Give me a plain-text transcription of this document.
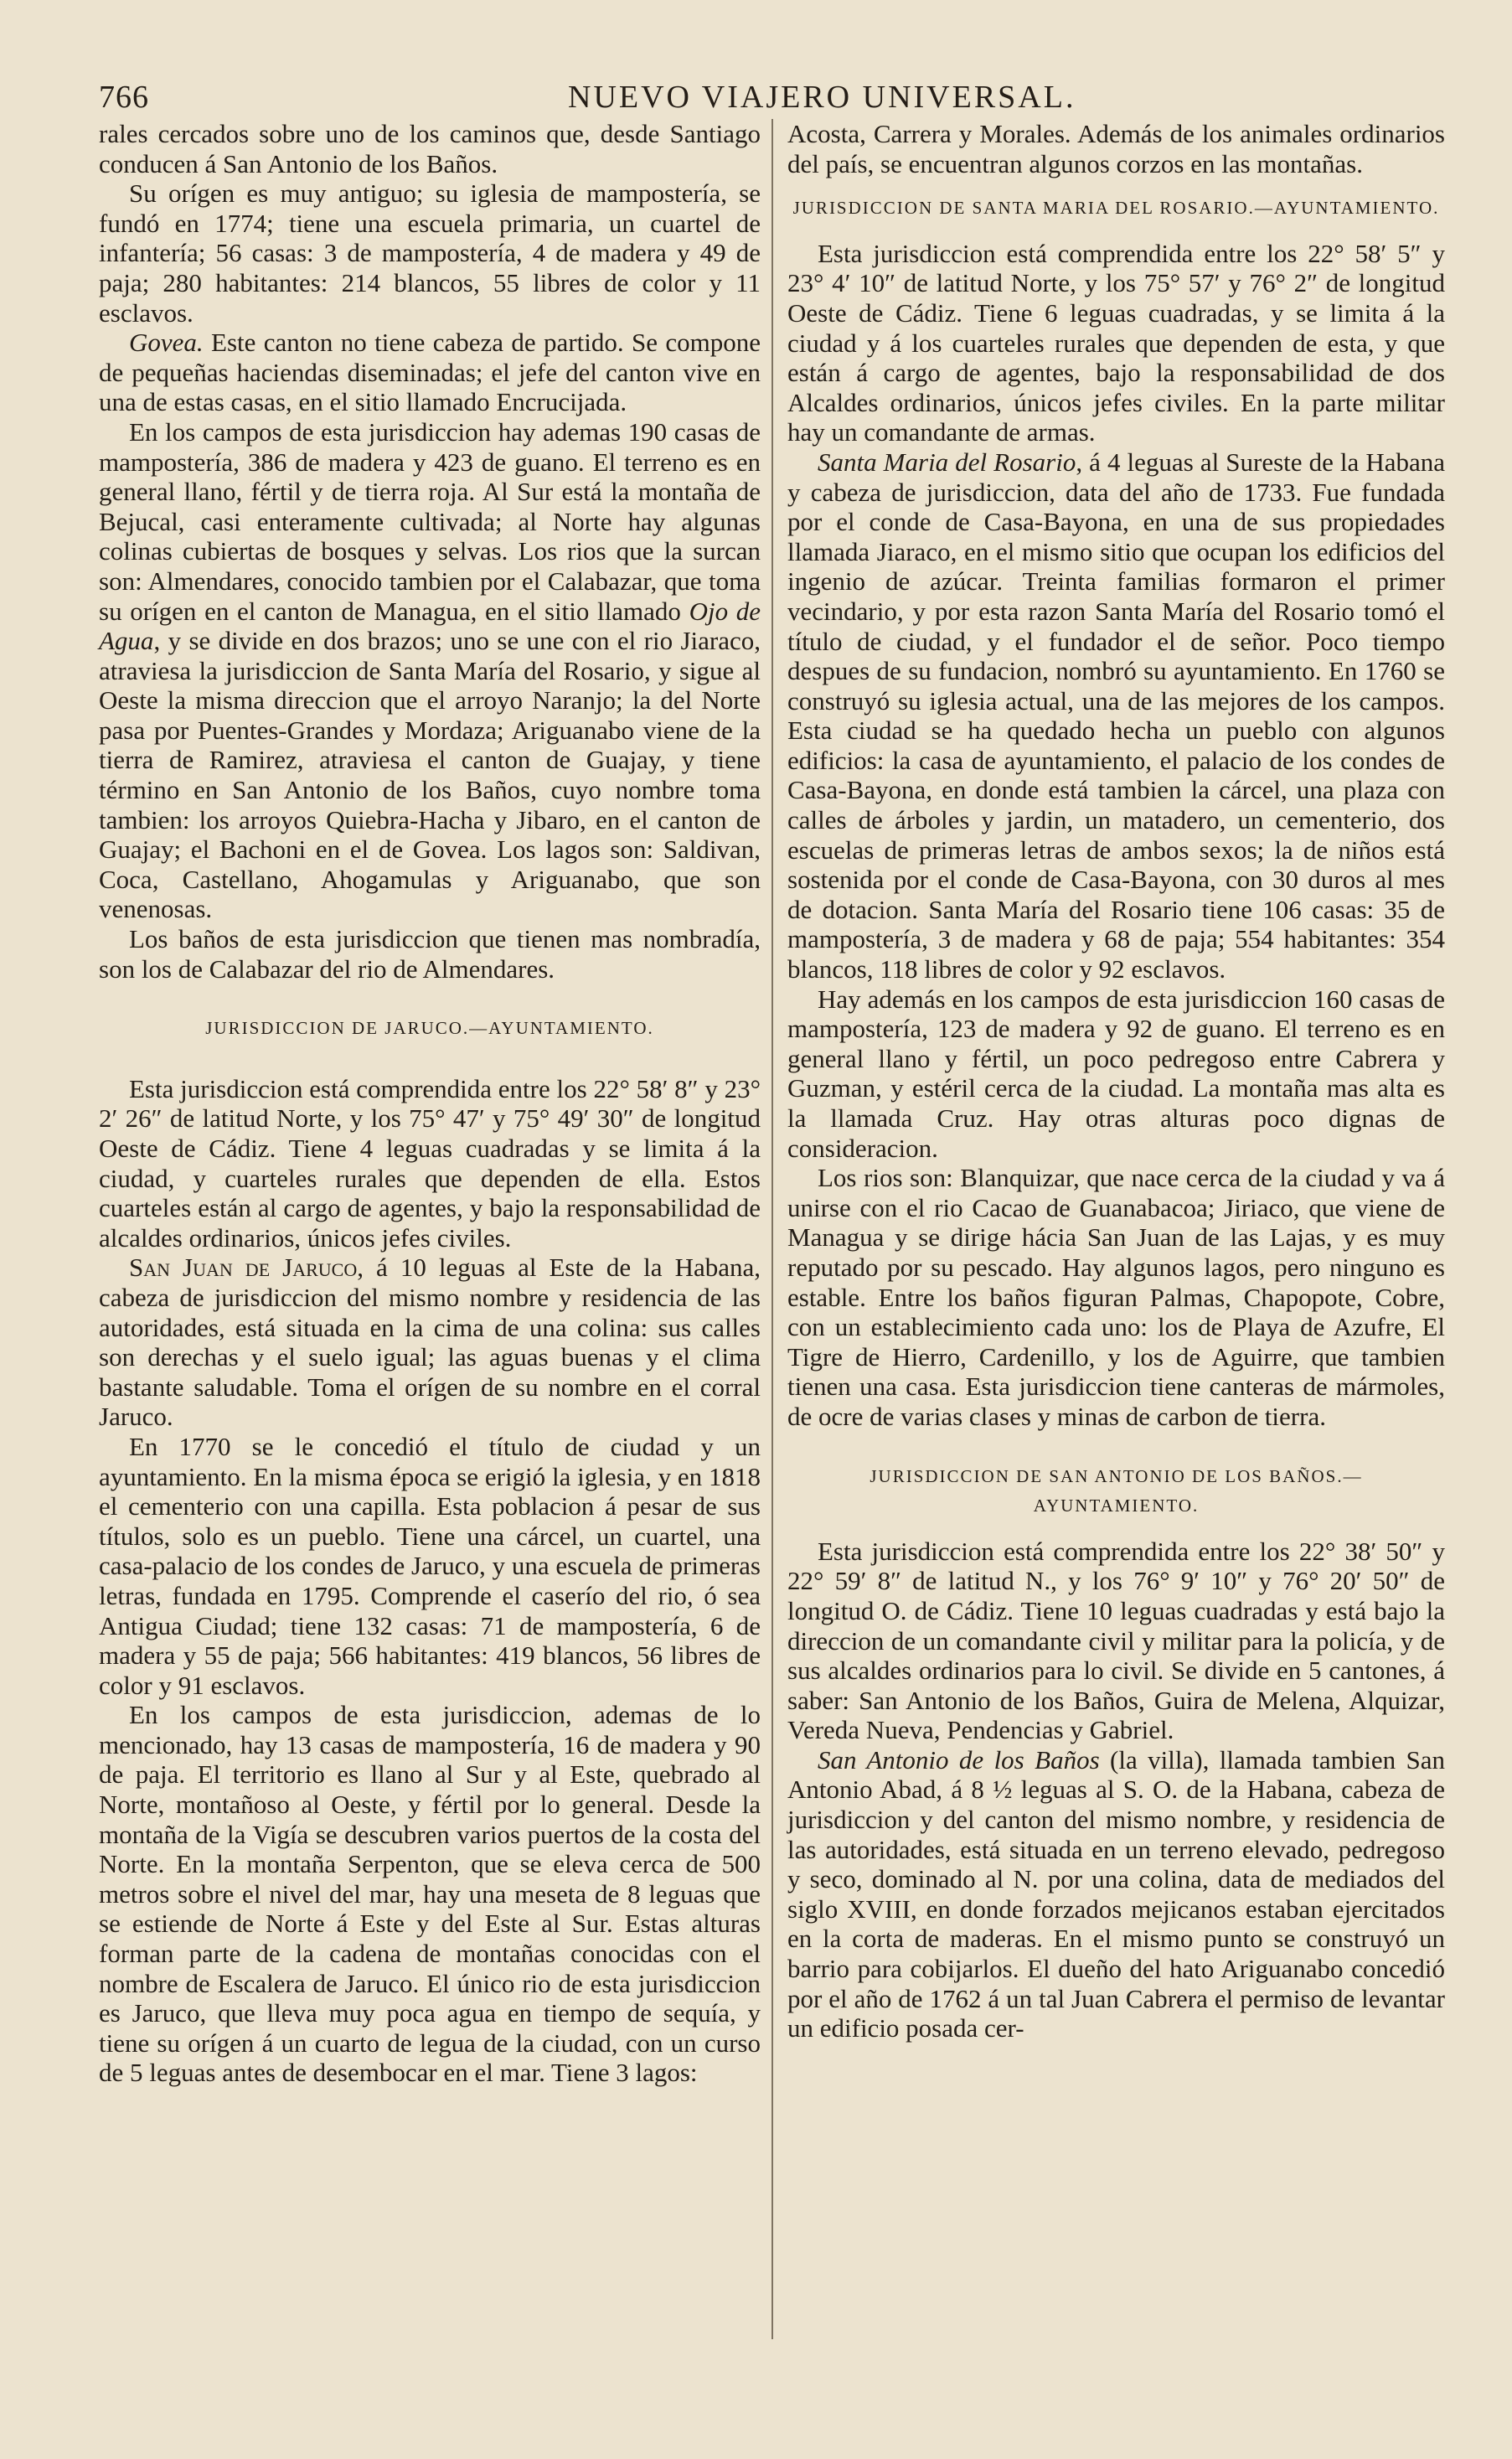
766	NUEVO VIAJERO UNIVERSAL.

rales cercados sobre uno de los caminos que, desde Santiago conducen á San Antonio de los Baños.

Su orígen es muy antiguo; su iglesia de mampostería, se fundó en 1774; tiene una escuela primaria, un cuartel de infantería; 56 casas: 3 de mampostería, 4 de madera y 49 de paja; 280 habitantes: 214 blancos, 55 libres de color y 11 esclavos.

Govea. Este canton no tiene cabeza de partido. Se compone de pequeñas haciendas diseminadas; el jefe del canton vive en una de estas casas, en el sitio llamado Encrucijada.

En los campos de esta jurisdiccion hay ademas 190 casas de mampostería, 386 de madera y 423 de guano. El terreno es en general llano, fértil y de tierra roja. Al Sur está la montaña de Bejucal, casi enteramente cultivada; al Norte hay algunas colinas cubiertas de bosques y selvas. Los rios que la surcan son: Almendares, conocido tambien por el Calabazar, que toma su orígen en el canton de Managua, en el sitio llamado Ojo de Agua, y se divide en dos brazos; uno se une con el rio Jiaraco, atraviesa la jurisdiccion de Santa María del Rosario, y sigue al Oeste la misma direccion que el arroyo Naranjo; la del Norte pasa por Puentes-Grandes y Mordaza; Ariguanabo viene de la tierra de Ramirez, atraviesa el canton de Guajay, y tiene término en San Antonio de los Baños, cuyo nombre toma tambien: los arroyos Quiebra-Hacha y Jibaro, en el canton de Guajay; el Bachoni en el de Govea. Los lagos son: Saldivan, Coca, Castellano, Ahogamulas y Ariguanabo, que son venenosas.

Los baños de esta jurisdiccion que tienen mas nombradía, son los de Calabazar del rio de Almendares.

JURISDICCION DE JARUCO.—AYUNTAMIENTO.

Esta jurisdiccion está comprendida entre los 22° 58′ 8″ y 23° 2′ 26″ de latitud Norte, y los 75° 47′ y 75° 49′ 30″ de longitud Oeste de Cádiz. Tiene 4 leguas cuadradas y se limita á la ciudad, y cuarteles rurales que dependen de ella. Estos cuarteles están al cargo de agentes, y bajo la responsabilidad de alcaldes ordinarios, únicos jefes civiles.

San Juan de Jaruco, á 10 leguas al Este de la Habana, cabeza de jurisdiccion del mismo nombre y residencia de las autoridades, está situada en la cima de una colina: sus calles son derechas y el suelo igual; las aguas buenas y el clima bastante saludable. Toma el orígen de su nombre en el corral Jaruco.

En 1770 se le concedió el título de ciudad y un ayuntamiento. En la misma época se erigió la iglesia, y en 1818 el cementerio con una capilla. Esta poblacion á pesar de sus títulos, solo es un pueblo. Tiene una cárcel, un cuartel, una casa-palacio de los condes de Jaruco, y una escuela de primeras letras, fundada en 1795. Comprende el caserío del rio, ó sea Antigua Ciudad; tiene 132 casas: 71 de mampostería, 6 de madera y 55 de paja; 566 habitantes: 419 blancos, 56 libres de color y 91 esclavos.

En los campos de esta jurisdiccion, ademas de lo mencionado, hay 13 casas de mampostería, 16 de madera y 90 de paja. El territorio es llano al Sur y al Este, quebrado al Norte, montañoso al Oeste, y fértil por lo general. Desde la montaña de la Vigía se descubren varios puertos de la costa del Norte. En la montaña Serpenton, que se eleva cerca de 500 metros sobre el nivel del mar, hay una meseta de 8 leguas que se estiende de Norte á Este y del Este al Sur. Estas alturas forman parte de la cadena de montañas conocidas con el nombre de Escalera de Jaruco. El único rio de esta jurisdiccion es Jaruco, que lleva muy poca agua en tiempo de sequía, y tiene su orígen á un cuarto de legua de la ciudad, con un curso de 5 leguas antes de desembocar en el mar. Tiene 3 lagos:

Acosta, Carrera y Morales. Además de los animales ordinarios del país, se encuentran algunos corzos en las montañas.

JURISDICCION DE SANTA MARIA DEL ROSARIO.—AYUNTAMIENTO.

Esta jurisdiccion está comprendida entre los 22° 58′ 5″ y 23° 4′ 10″ de latitud Norte, y los 75° 57′ y 76° 2″ de longitud Oeste de Cádiz. Tiene 6 leguas cuadradas, y se limita á la ciudad y á los cuarteles rurales que dependen de esta, y que están á cargo de agentes, bajo la responsabilidad de dos Alcaldes ordinarios, únicos jefes civiles. En la parte militar hay un comandante de armas.

Santa Maria del Rosario, á 4 leguas al Sureste de la Habana y cabeza de jurisdiccion, data del año de 1733. Fue fundada por el conde de Casa-Bayona, en una de sus propiedades llamada Jiaraco, en el mismo sitio que ocupan los edificios del ingenio de azúcar. Treinta familias formaron el primer vecindario, y por esta razon Santa María del Rosario tomó el título de ciudad, y el fundador el de señor. Poco tiempo despues de su fundacion, nombró su ayuntamiento. En 1760 se construyó su iglesia actual, una de las mejores de los campos. Esta ciudad se ha quedado hecha un pueblo con algunos edificios: la casa de ayuntamiento, el palacio de los condes de Casa-Bayona, en donde está tambien la cárcel, una plaza con calles de árboles y jardin, un matadero, un cementerio, dos escuelas de primeras letras de ambos sexos; la de niños está sostenida por el conde de Casa-Bayona, con 30 duros al mes de dotacion. Santa María del Rosario tiene 106 casas: 35 de mampostería, 3 de madera y 68 de paja; 554 habitantes: 354 blancos, 118 libres de color y 92 esclavos.

Hay además en los campos de esta jurisdiccion 160 casas de mampostería, 123 de madera y 92 de guano. El terreno es en general llano y fértil, un poco pedregoso entre Cabrera y Guzman, y estéril cerca de la ciudad. La montaña mas alta es la llamada Cruz. Hay otras alturas poco dignas de consideracion.

Los rios son: Blanquizar, que nace cerca de la ciudad y va á unirse con el rio Cacao de Guanabacoa; Jiriaco, que viene de Managua y se dirige hácia San Juan de las Lajas, y es muy reputado por su pescado. Hay algunos lagos, pero ninguno es estable. Entre los baños figuran Palmas, Chapopote, Cobre, con un establecimiento cada uno: los de Playa de Azufre, El Tigre de Hierro, Cardenillo, y los de Aguirre, que tambien tienen una casa. Esta jurisdiccion tiene canteras de mármoles, de ocre de varias clases y minas de carbon de tierra.

JURISDICCION DE SAN ANTONIO DE LOS BAÑOS.—AYUNTAMIENTO.

Esta jurisdiccion está comprendida entre los 22° 38′ 50″ y 22° 59′ 8″ de latitud N., y los 76° 9′ 10″ y 76° 20′ 50″ de longitud O. de Cádiz. Tiene 10 leguas cuadradas y está bajo la direccion de un comandante civil y militar para la policía, y de sus alcaldes ordinarios para lo civil. Se divide en 5 cantones, á saber: San Antonio de los Baños, Guira de Melena, Alquizar, Vereda Nueva, Pendencias y Gabriel.

San Antonio de los Baños (la villa), llamada tambien San Antonio Abad, á 8 ½ leguas al S. O. de la Habana, cabeza de jurisdiccion y del canton del mismo nombre, y residencia de las autoridades, está situada en un terreno elevado, pedregoso y seco, dominado al N. por una colina, data de mediados del siglo XVIII, en donde forzados mejicanos estaban ejercitados en la corta de maderas. En el mismo punto se construyó un barrio para cobijarlos. El dueño del hato Ariguanabo concedió por el año de 1762 á un tal Juan Cabrera el permiso de levantar un edificio posada cer-
